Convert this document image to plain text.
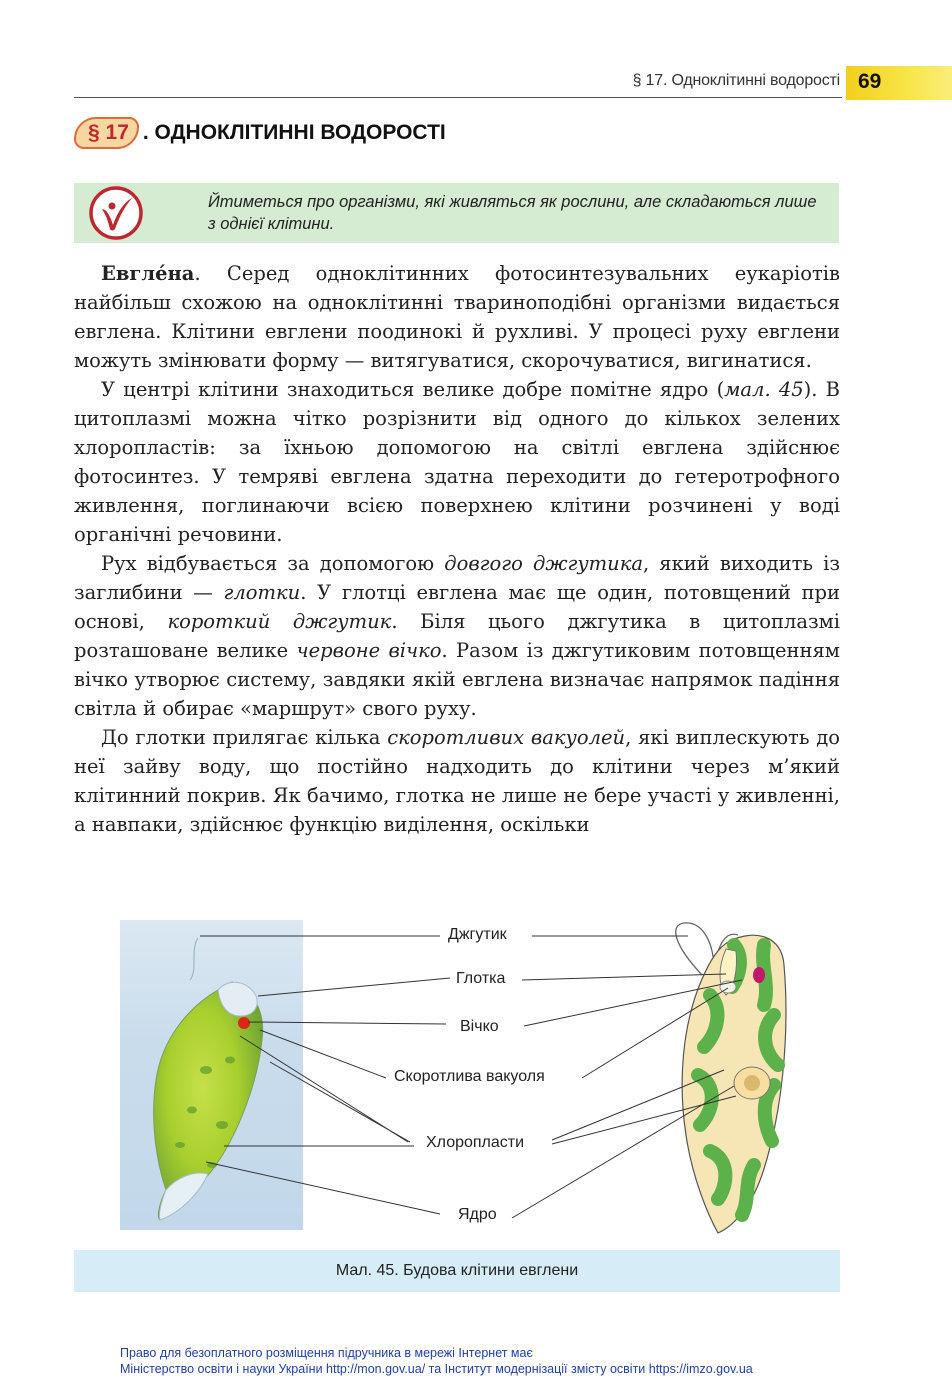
§ 17. Одноклітинні водорості 69
§ 17 . ОДНОКЛІТИННІ ВОДОРОСТІ
Йтиметься про організми, які живляться як рослини, але складаються лише з однієї клітини.

Евгле́на. Серед одноклітинних фотосинтезувальних еукаріотів найбільш схожою на одноклітинні твариноподібні організми видається евглена. Клітини евглени поодинокі й рухливі. У процесі руху евглени можуть змінювати форму — витягуватися, скорочуватися, вигинатися.

У центрі клітини знаходиться велике добре помітне ядро (мал. 45). В цитоплазмі можна чітко розрізнити від одного до кількох зелених хлоропластів: за їхньою допомогою на світлі евглена здійснює фотосинтез. У темряві евглена здатна переходити до гетеротрофного живлення, поглинаючи всією поверхнею клітини розчинені у воді органічні речовини.

Рух відбувається за допомогою довгого джгутика, який виходить із заглибини — глотки. У глотці евглена має ще один, потовщений при основі, короткий джгутик. Біля цього джгутика в цитоплазмі розташоване велике червоне вічко. Разом із джгутиковим потовщенням вічко утворює систему, завдяки якій евглена визначає напрямок падіння світла й обирає «маршрут» свого руху.

До глотки прилягає кілька скоротливих вакуолей, які виплескують до неї зайву воду, що постійно надходить до клітини через м’який клітинний покрив. Як бачимо, глотка не лише не бере участі у живленні, а навпаки, здійснює функцію виділення, оскільки

Джгутик
Глотка
Вічко
Скоротлива вакуоля
Хлоропласти
Ядро
Мал. 45. Будова клітини евглени
Право для безоплатного розміщення підручника в мережі Інтернет має
Міністерство освіти і науки України http://mon.gov.ua/ та Інститут модернізації змісту освіти https://imzo.gov.ua
